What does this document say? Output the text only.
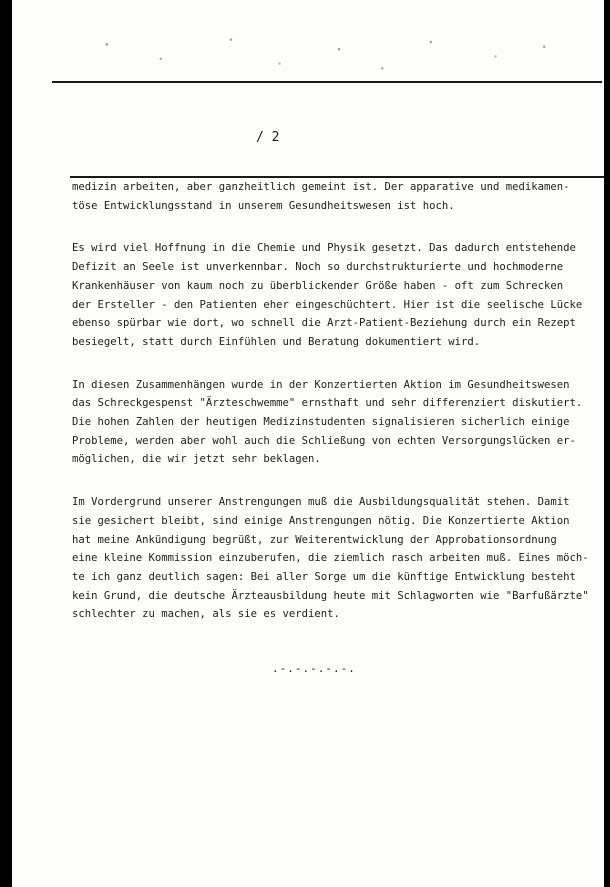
/ 2

medizin arbeiten, aber ganzheitlich gemeint ist. Der apparative und medikamen-
töse Entwicklungsstand in unserem Gesundheitswesen ist hoch.

Es wird viel Hoffnung in die Chemie und Physik gesetzt. Das dadurch entstehende
Defizit an Seele ist unverkennbar. Noch so durchstrukturierte und hochmoderne
Krankenhäuser von kaum noch zu überblickender Größe haben - oft zum Schrecken
der Ersteller - den Patienten eher eingeschüchtert. Hier ist die seelische Lücke
ebenso spürbar wie dort, wo schnell die Arzt-Patient-Beziehung durch ein Rezept
besiegelt, statt durch Einfühlen und Beratung dokumentiert wird.

In diesen Zusammenhängen wurde in der Konzertierten Aktion im Gesundheitswesen
das Schreckgespenst "Ärzteschwemme" ernsthaft und sehr differenziert diskutiert.
Die hohen Zahlen der heutigen Medizinstudenten signalisieren sicherlich einige
Probleme, werden aber wohl auch die Schließung von echten Versorgungslücken er-
möglichen, die wir jetzt sehr beklagen.

Im Vordergrund unserer Anstrengungen muß die Ausbildungsqualität stehen. Damit
sie gesichert bleibt, sind einige Anstrengungen nötig. Die Konzertierte Aktion
hat meine Ankündigung begrüßt, zur Weiterentwicklung der Approbationsordnung
eine kleine Kommission einzuberufen, die ziemlich rasch arbeiten muß. Eines möch-
te ich ganz deutlich sagen: Bei aller Sorge um die künftige Entwicklung besteht
kein Grund, die deutsche Ärzteausbildung heute mit Schlagworten wie "Barfußärzte"
schlechter zu machen, als sie es verdient.

.-.-.-.-.-.
